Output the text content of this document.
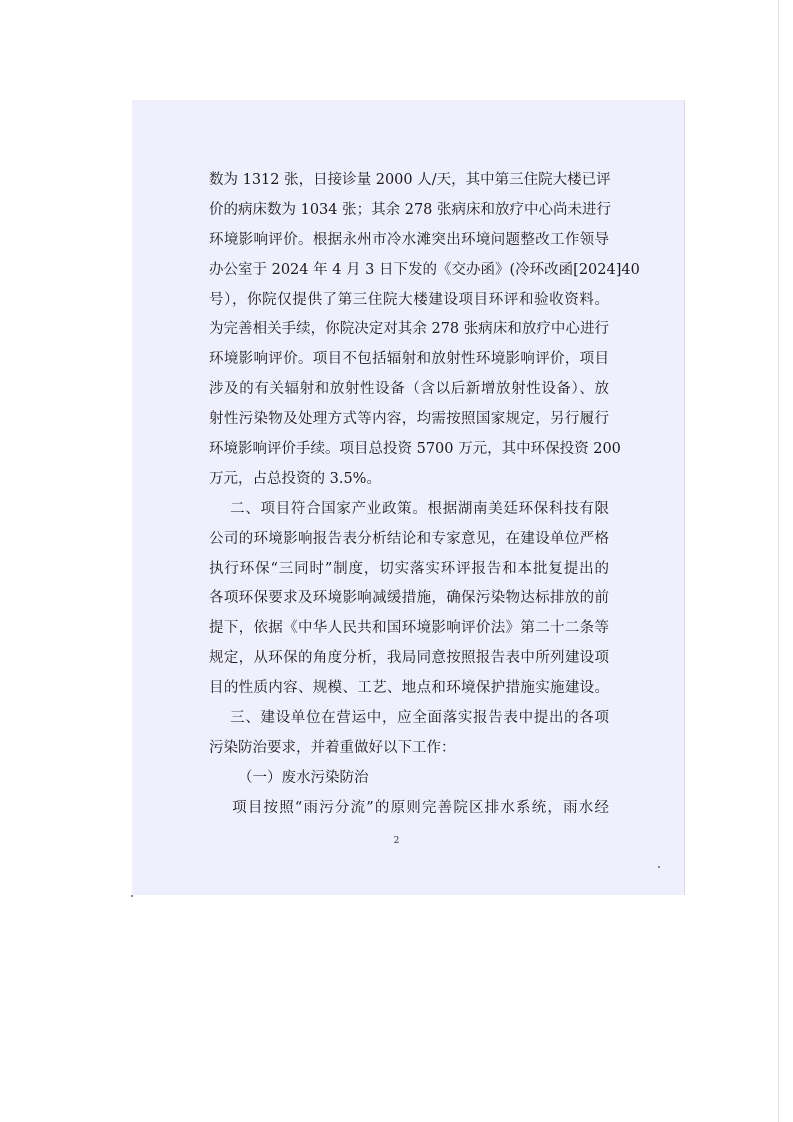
数为 1312 张，日接诊量 2000 人/天，其中第三住院大楼已评
价的病床数为 1034 张；其余 278 张病床和放疗中心尚未进行
环境影响评价。根据永州市冷水滩突出环境问题整改工作领导
办公室于 2024 年 4 月 3 日下发的《交办函》(冷环改函[2024]40
号），你院仅提供了第三住院大楼建设项目环评和验收资料。
为完善相关手续，你院决定对其余 278 张病床和放疗中心进行
环境影响评价。项目不包括辐射和放射性环境影响评价，项目
涉及的有关辐射和放射性设备（含以后新增放射性设备）、放
射性污染物及处理方式等内容，均需按照国家规定，另行履行
环境影响评价手续。项目总投资 5700 万元，其中环保投资 200
万元，占总投资的 3.5%。
二、项目符合国家产业政策。根据湖南美廷环保科技有限
公司的环境影响报告表分析结论和专家意见，在建设单位严格
执行环保“三同时”制度，切实落实环评报告和本批复提出的
各项环保要求及环境影响减缓措施，确保污染物达标排放的前
提下，依据《中华人民共和国环境影响评价法》第二十二条等
规定，从环保的角度分析，我局同意按照报告表中所列建设项
目的性质内容、规模、工艺、地点和环境保护措施实施建设。
三、建设单位在营运中，应全面落实报告表中提出的各项
污染防治要求，并着重做好以下工作：
（一）废水污染防治
项目按照“雨污分流”的原则完善院区排水系统，雨水经
2
